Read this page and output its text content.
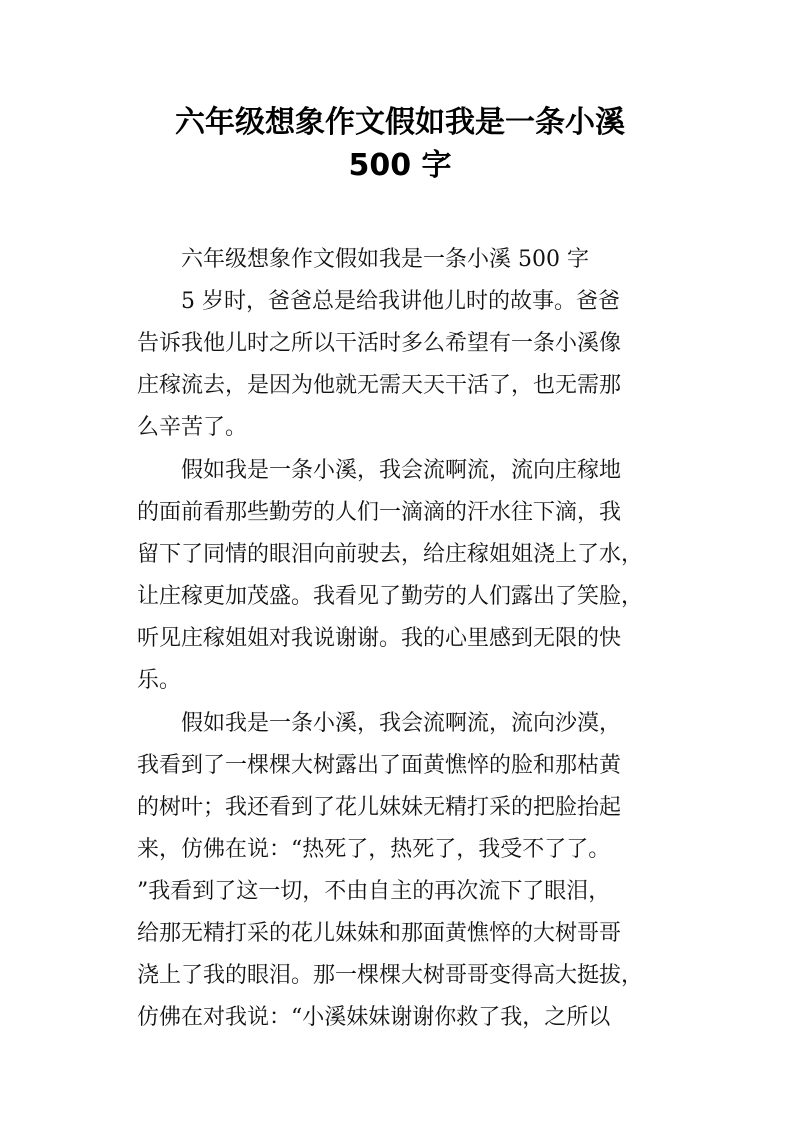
六年级想象作文假如我是一条小溪
500 字
六年级想象作文假如我是一条小溪 500 字
5 岁时，爸爸总是给我讲他儿时的故事。爸爸
告诉我他儿时之所以干活时多么希望有一条小溪像
庄稼流去，是因为他就无需天天干活了，也无需那
么辛苦了。
假如我是一条小溪，我会流啊流，流向庄稼地
的面前看那些勤劳的人们一滴滴的汗水往下滴，我
留下了同情的眼泪向前驶去，给庄稼姐姐浇上了水，
让庄稼更加茂盛。我看见了勤劳的人们露出了笑脸，
听见庄稼姐姐对我说谢谢。我的心里感到无限的快
乐。
假如我是一条小溪，我会流啊流，流向沙漠，
我看到了一棵棵大树露出了面黄憔悴的脸和那枯黄
的树叶；我还看到了花儿妹妹无精打采的把脸抬起
来，仿佛在说：“热死了，热死了，我受不了了。
”我看到了这一切，不由自主的再次流下了眼泪，
给那无精打采的花儿妹妹和那面黄憔悴的大树哥哥
浇上了我的眼泪。那一棵棵大树哥哥变得高大挺拔，
仿佛在对我说：“小溪妹妹谢谢你救了我，之所以
